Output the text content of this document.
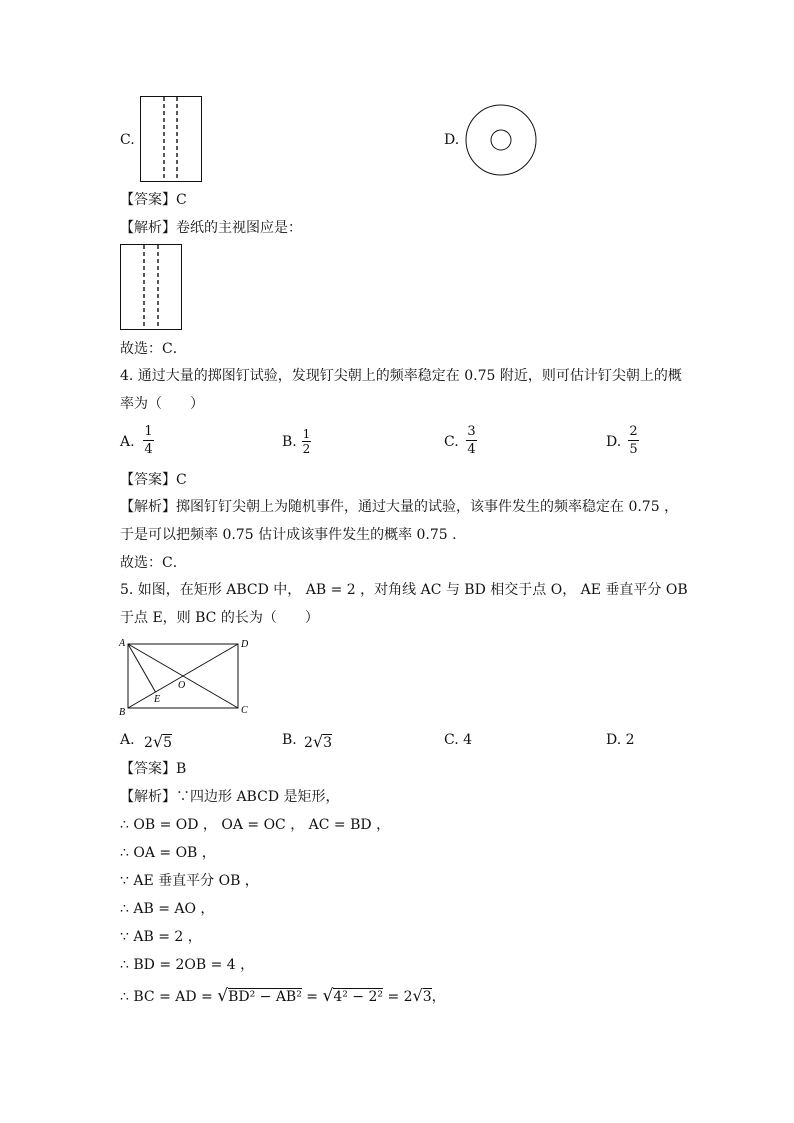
C.	D.
【答案】C
【解析】卷纸的主视图应是：
故选：C．
4. 通过大量的掷图钉试验，发现钉尖朝上的频率稳定在 0.75 附近，则可估计钉尖朝上的概
率为（　　）
A.
1
4	B. 1
2	C.
3
4	D.
2
5
【答案】C
【解析】掷图钉钉尖朝上为随机事件，通过大量的试验，该事件发生的频率稳定在 0.75 ，
于是可以把频率 0.75 估计成该事件发生的概率 0.75 .
故选：C．
5. 如图，在矩形 ABCD 中， AB = 2 ，对角线 AC 与 BD 相交于点 O， AE 垂直平分 OB
于点 E，则 BC 的长为（　　）
A	D
B	C
O
E
A. 2√5	B. 2√3	C. 4	D. 2
【答案】B
【解析】∵四边形 ABCD 是矩形，
∴ OB = OD ， OA = OC ， AC = BD ，
∴ OA = OB ，
∵ AE 垂直平分 OB ，
∴ AB = AO ，
∵ AB = 2 ，
∴ BD = 2OB = 4 ，
∴ BC = AD = √BD² − AB² = √4² − 2² = 2√3，
